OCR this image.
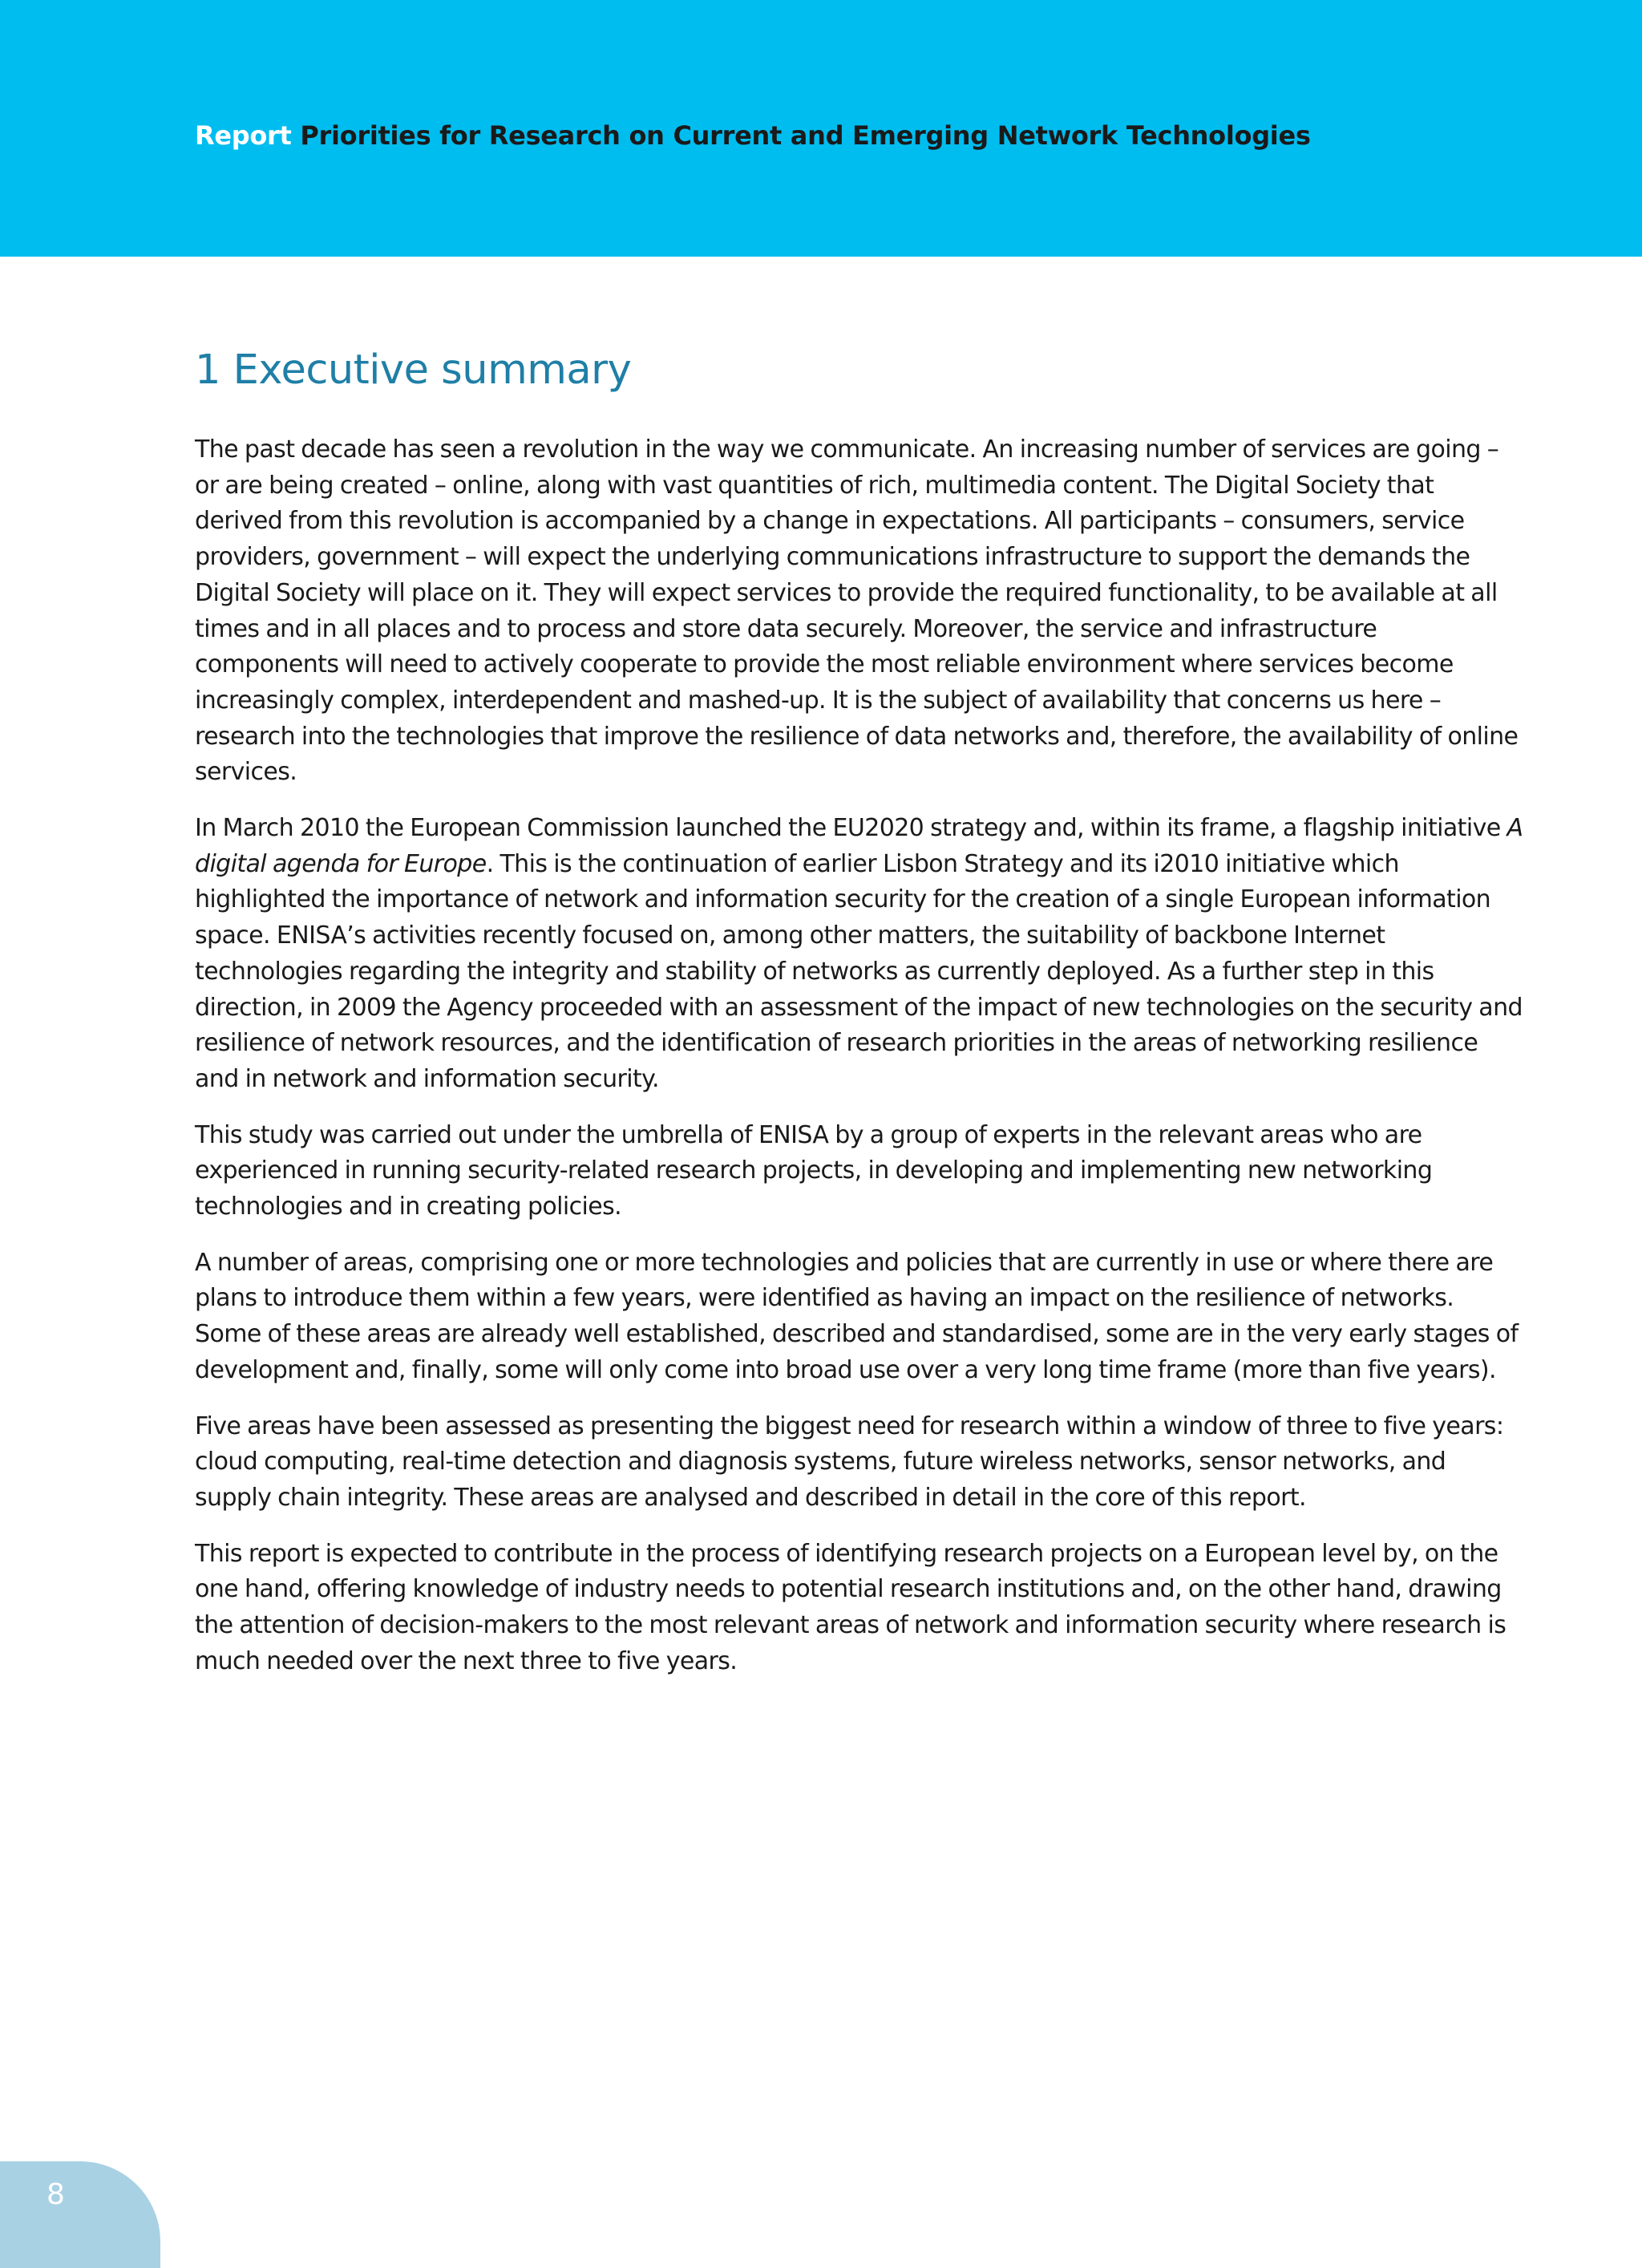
Report Priorities for Research on Current and Emerging Network Technologies
1 Executive summary

The past decade has seen a revolution in the way we communicate. An increasing number of services are going – or are being created – online, along with vast quantities of rich, multimedia content. The Digital Society that derived from this revolution is accompanied by a change in expectations. All participants – consumers, service providers, government – will expect the underlying communications infrastructure to support the demands the Digital Society will place on it. They will expect services to provide the required functionality, to be available at all times and in all places and to process and store data securely. Moreover, the service and infrastructure components will need to actively cooperate to provide the most reliable environment where services become increasingly complex, interdependent and mashed-up. It is the subject of availability that concerns us here – research into the technologies that improve the resilience of data networks and, therefore, the availability of online services.

In March 2010 the European Commission launched the EU2020 strategy and, within its frame, a flagship initiative A digital agenda for Europe. This is the continuation of earlier Lisbon Strategy and its i2010 initiative which highlighted the importance of network and information security for the creation of a single European information space. ENISA’s activities recently focused on, among other matters, the suitability of backbone Internet technologies regarding the integrity and stability of networks as currently deployed. As a further step in this direction, in 2009 the Agency proceeded with an assessment of the impact of new technologies on the security and resilience of network resources, and the identification of research priorities in the areas of networking resilience and in network and information security.

This study was carried out under the umbrella of ENISA by a group of experts in the relevant areas who are experienced in running security-related research projects, in developing and implementing new networking technologies and in creating policies.

A number of areas, comprising one or more technologies and policies that are currently in use or where there are plans to introduce them within a few years, were identified as having an impact on the resilience of networks. Some of these areas are already well established, described and standardised, some are in the very early stages of development and, finally, some will only come into broad use over a very long time frame (more than five years).

Five areas have been assessed as presenting the biggest need for research within a window of three to five years: cloud computing, real-time detection and diagnosis systems, future wireless networks, sensor networks, and supply chain integrity. These areas are analysed and described in detail in the core of this report.

This report is expected to contribute in the process of identifying research projects on a European level by, on the one hand, offering knowledge of industry needs to potential research institutions and, on the other hand, drawing the attention of decision-makers to the most relevant areas of network and information security where research is much needed over the next three to five years.

8
